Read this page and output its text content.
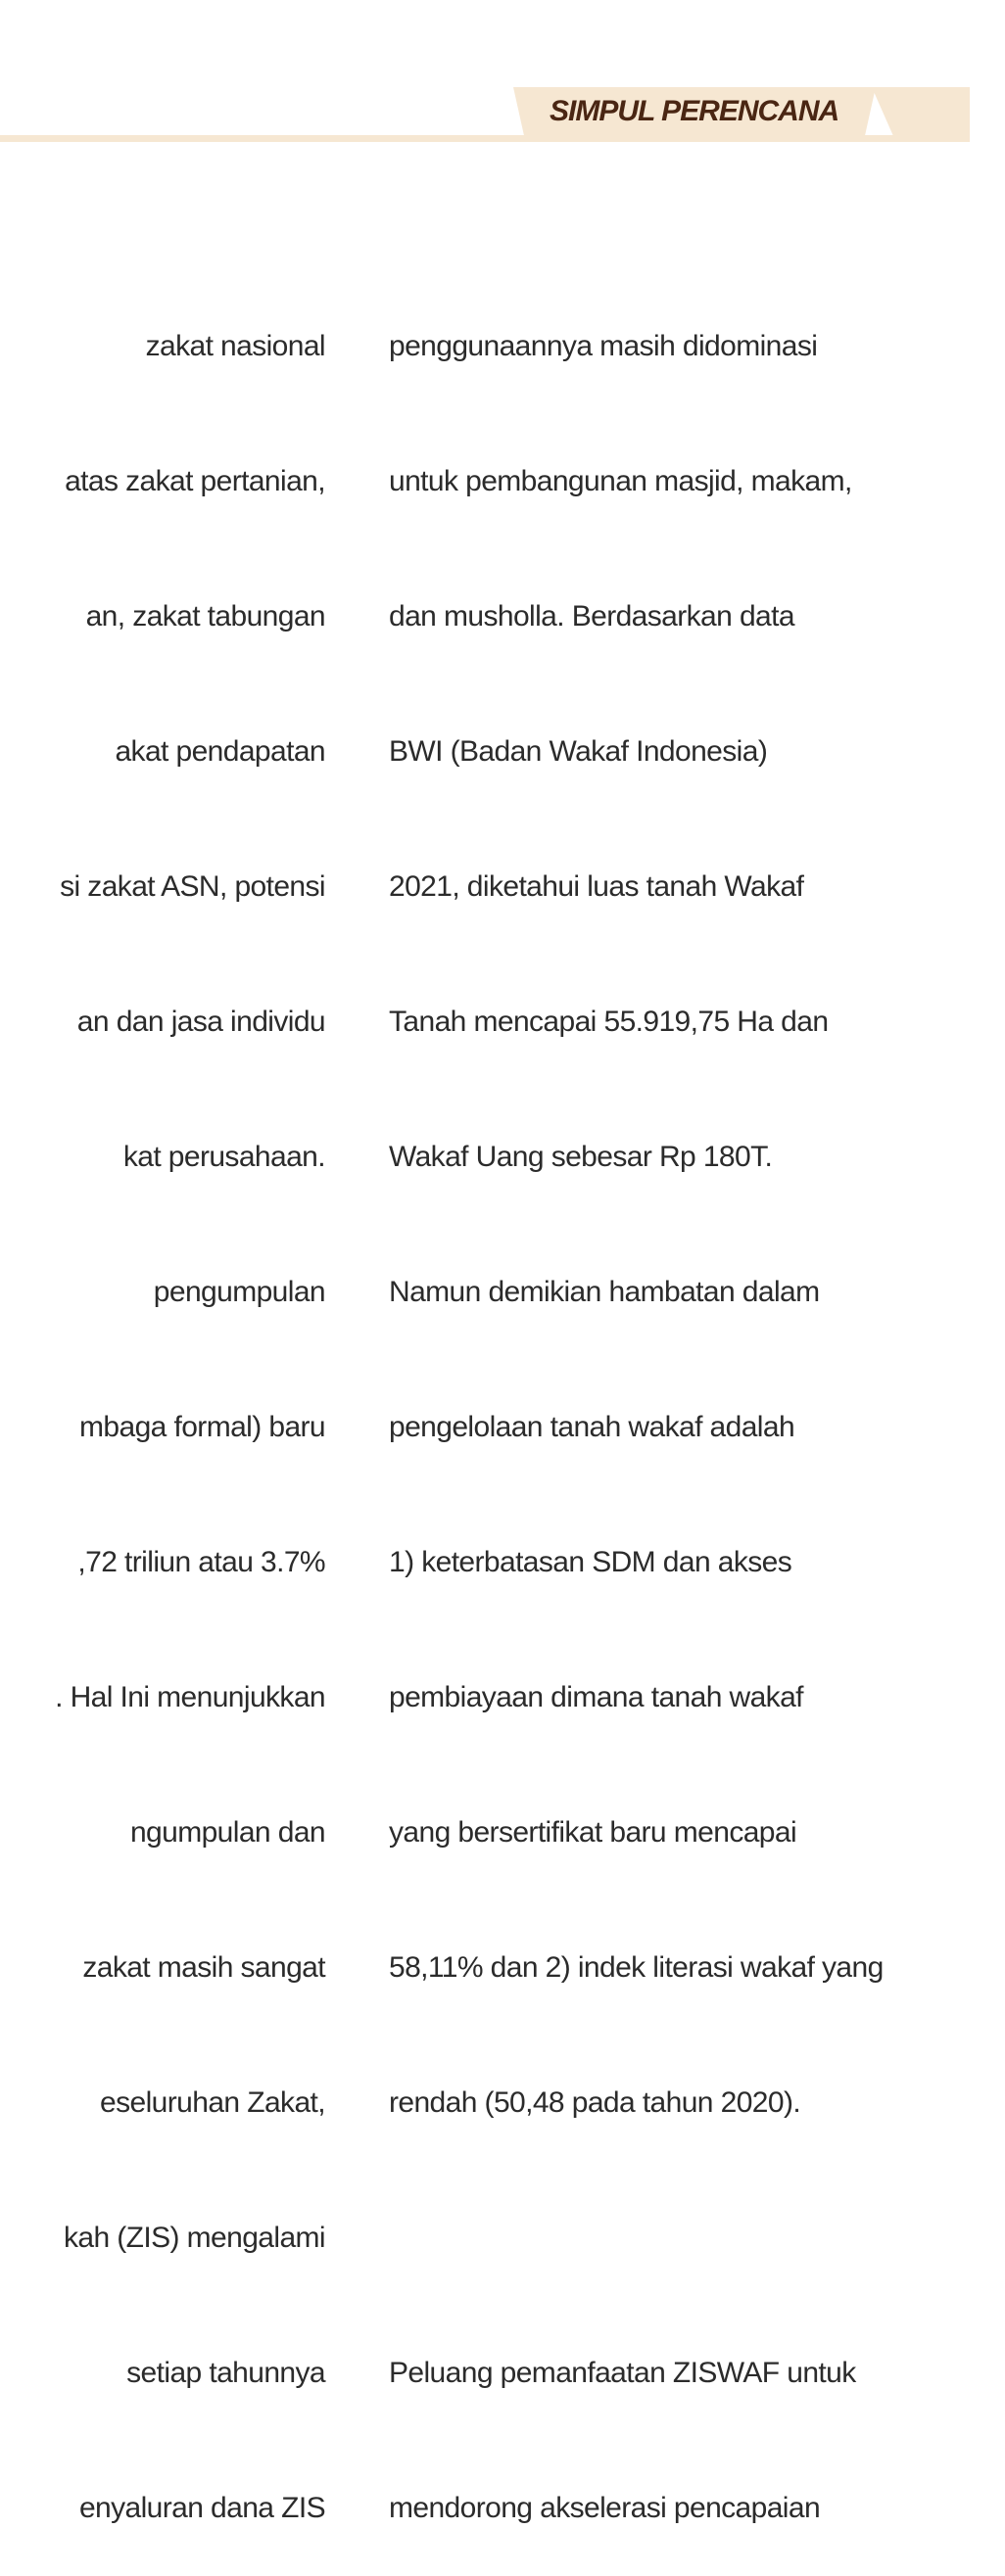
SIMPUL PERENCANA

zakat nasional

atas zakat pertanian,

an, zakat tabungan

akat pendapatan

si zakat ASN, potensi

an dan jasa individu

kat perusahaan.

pengumpulan

mbaga formal) baru

,72 triliun atau 3.7%

. Hal Ini menunjukkan

ngumpulan dan

zakat masih sangat

eseluruhan Zakat,

kah (ZIS) mengalami

setiap tahunnya

enyaluran dana ZIS

penggunaannya masih didominasi

untuk pembangunan masjid, makam,

dan musholla. Berdasarkan data

BWI (Badan Wakaf Indonesia)

2021, diketahui luas tanah Wakaf

Tanah mencapai 55.919,75 Ha dan

Wakaf Uang sebesar Rp 180T.

Namun demikian hambatan dalam

pengelolaan tanah wakaf adalah

1) keterbatasan SDM dan akses

pembiayaan dimana tanah wakaf

yang bersertifikat baru mencapai

58,11% dan 2) indek literasi wakaf yang

rendah (50,48 pada tahun 2020).

Peluang pemanfaatan ZISWAF untuk

mendorong akselerasi pencapaian
